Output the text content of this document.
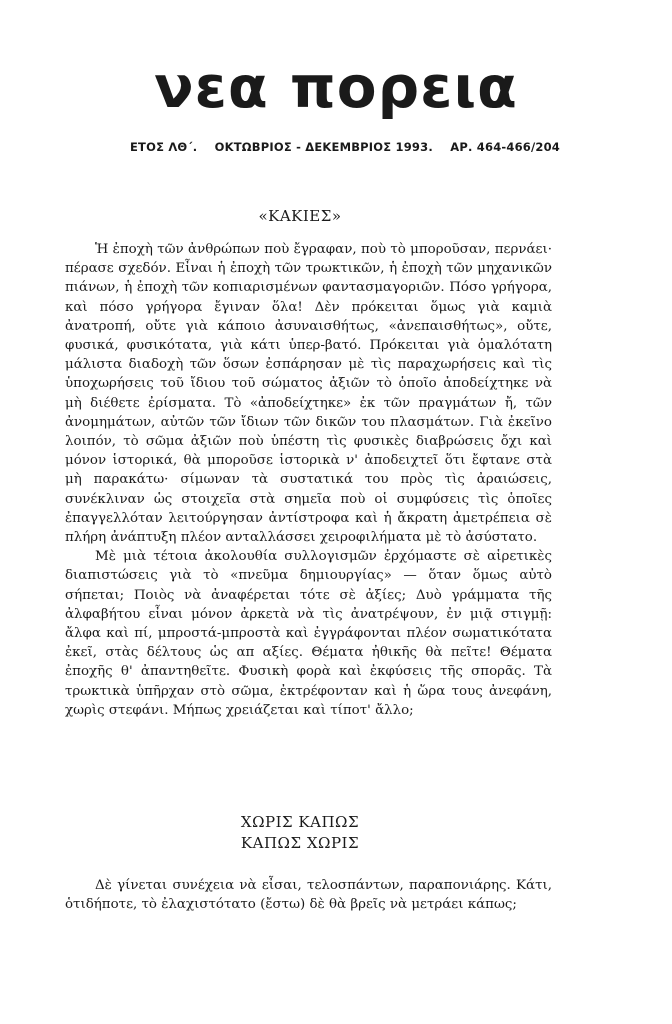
νεα πορεια
ΕΤΟΣ ΛΘ΄. ΟΚΤΩΒΡΙΟΣ - ΔΕΚΕΜΒΡΙΟΣ 1993. ΑΡ. 464-466/204
«ΚΑΚΙΕΣ»

Ἡ ἐποχὴ τῶν ἀνθρώπων ποὺ ἔγραφαν, ποὺ τὸ μποροῦσαν, περνάει· πέρασε σχεδόν. Εἶναι ἡ ἐποχὴ τῶν τρωκτικῶν, ἡ ἐποχὴ τῶν μηχανικῶν πιάνων, ἡ ἐποχὴ τῶν κοπιαρισμένων φαντασμαγοριῶν. Πόσο γρήγορα, καὶ πόσο γρήγορα ἔγιναν ὅλα! Δὲν πρόκειται ὅμως γιὰ καμιὰ ἀνατροπή, οὔτε γιὰ κάποιο ἀσυναισθήτως, «ἀνεπαισθήτως», οὔτε, φυσικά, φυσικότατα, γιὰ κάτι ὑπερ-βατό. Πρόκειται γιὰ ὁμαλότατη μάλιστα διαδοχὴ τῶν ὅσων ἐσπάρησαν μὲ τὶς παραχωρήσεις καὶ τὶς ὑποχωρήσεις τοῦ ἴδιου τοῦ σώματος ἀξιῶν τὸ ὁποῖο ἀποδείχτηκε νὰ μὴ διέθετε ἐρίσματα. Τὸ «ἀποδείχτηκε» ἐκ τῶν πραγμάτων ἤ, τῶν ἀνομημάτων, αὐτῶν τῶν ἴδιων τῶν δικῶν του πλασμάτων. Γιὰ ἐκεῖνο λοιπόν, τὸ σῶμα ἀξιῶν ποὺ ὑπέστη τὶς φυσικὲς διαβρώσεις ὄχι καὶ μόνον ἱστορικά, θὰ μποροῦσε ἱστορικὰ ν' ἀποδειχτεῖ ὅτι ἔφτανε στὰ μὴ παρακάτω· σίμωναν τὰ συστατικά του πρὸς τὶς ἀραιώσεις, συνέκλιναν ὡς στοιχεῖα στὰ σημεῖα ποὺ οἱ συμφύσεις τὶς ὁποῖες ἐπαγγελλόταν λειτούργησαν ἀντίστροφα καὶ ἡ ἄκρατη ἀμετρέπεια σὲ πλήρη ἀνάπτυξη πλέον ανταλλάσσει χειροφιλήματα μὲ τὸ ἀσύστατο.

Μὲ μιὰ τέτοια ἀκολουθία συλλογισμῶν ἐρχόμαστε σὲ αἱρετικὲς διαπιστώσεις γιὰ τὸ «πνεῦμα δημιουργίας» — ὅταν ὅμως αὐτὸ σήπεται; Ποιὸς νὰ ἀναφέρεται τότε σὲ ἀξίες; Δυὸ γράμματα τῆς ἀλφαβήτου εἶναι μόνον ἀρκετὰ νὰ τὶς ἀνατρέψουν, ἐν μιᾷ στιγμῇ: ἄλφα καὶ πί, μπροστά-μπροστὰ καὶ ἐγγράφονται πλέον σωματικότατα ἐκεῖ, στὰς δέλτους ὡς απ αξίες. Θέματα ἠθικῆς θὰ πεῖτε! Θέματα ἐποχῆς θ' ἀπαντηθεῖτε. Φυσικὴ φορὰ καὶ ἐκφύσεις τῆς σπορᾶς. Τὰ τρωκτικὰ ὑπῆρχαν στὸ σῶμα, ἐκτρέφονταν καὶ ἡ ὥρα τους ἀνεφάνη, χωρὶς στεφάνι. Μήπως χρειάζεται καὶ τίποτ' ἄλλο;

ΧΩΡΙΣ ΚΑΠΩΣ
ΚΑΠΩΣ ΧΩΡΙΣ

Δὲ γίνεται συνέχεια νὰ εἶσαι, τελοσπάντων, παραπονιάρης. Κάτι, ὁτιδήποτε, τὸ ἐλαχιστότατο (ἔστω) δὲ θὰ βρεῖς νὰ μετράει κάπως;
